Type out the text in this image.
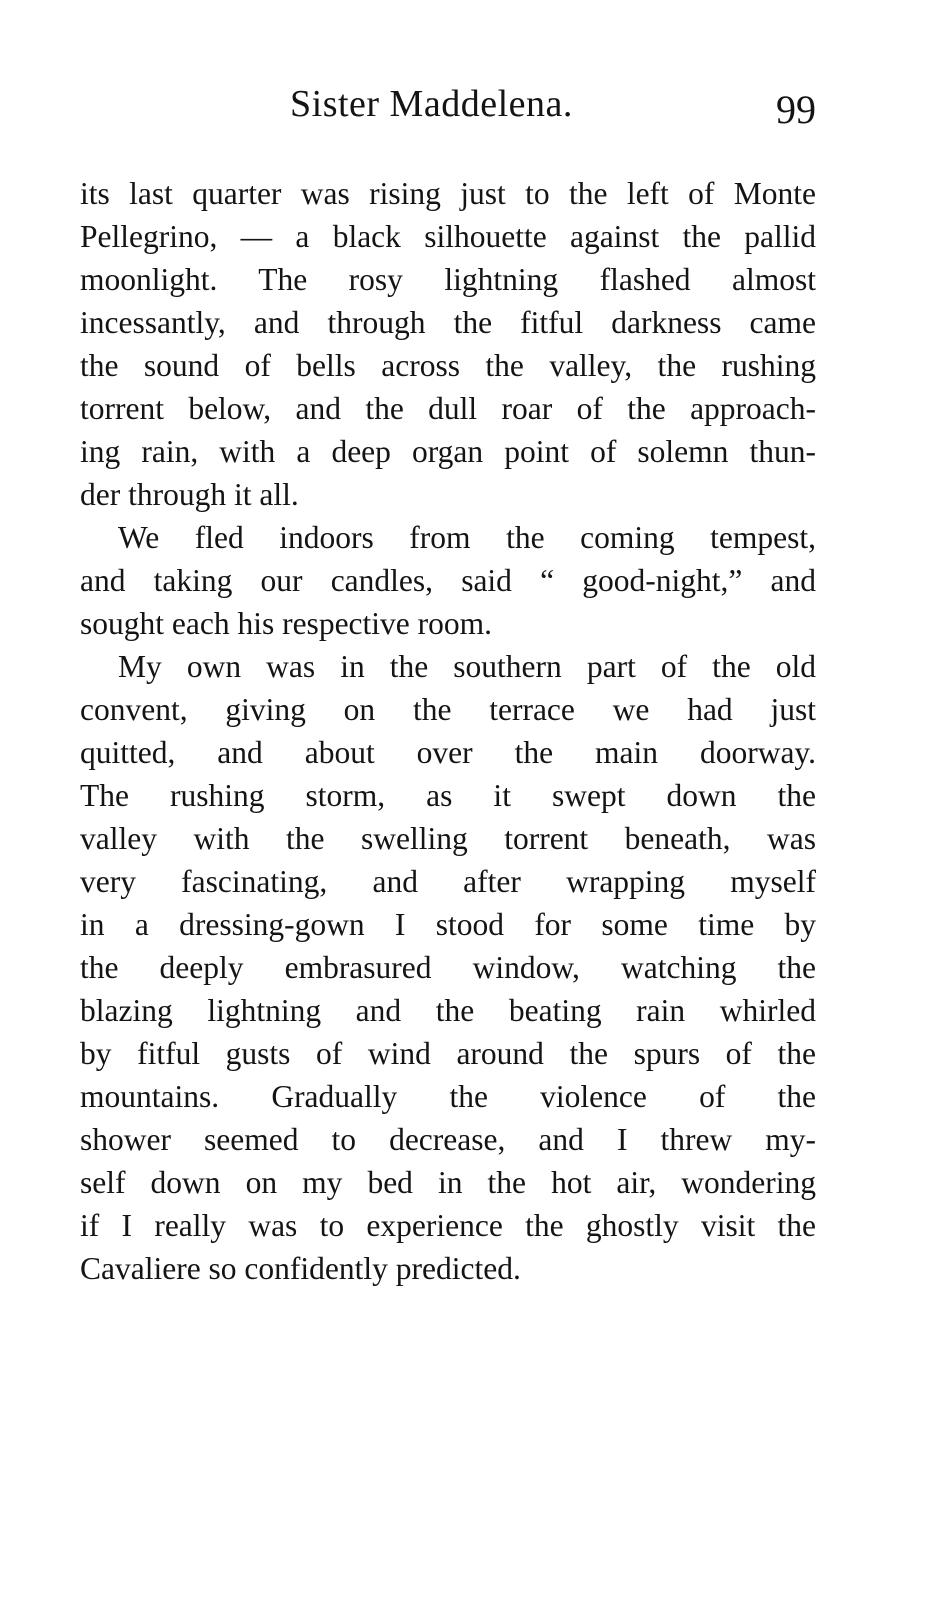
Sister Maddelena.	99
its last quarter was rising just to the left of Monte
Pellegrino, — a black silhouette against the pallid
moonlight. The rosy lightning flashed almost
incessantly, and through the fitful darkness came
the sound of bells across the valley, the rushing
torrent below, and the dull roar of the approach-
ing rain, with a deep organ point of solemn thun-
der through it all.
We fled indoors from the coming tempest,
and taking our candles, said “ good-night,” and
sought each his respective room.
My own was in the southern part of the old
convent, giving on the terrace we had just
quitted, and about over the main doorway.
The rushing storm, as it swept down the
valley with the swelling torrent beneath, was
very fascinating, and after wrapping myself
in a dressing-gown I stood for some time by
the deeply embrasured window, watching the
blazing lightning and the beating rain whirled
by fitful gusts of wind around the spurs of the
mountains. Gradually the violence of the
shower seemed to decrease, and I threw my-
self down on my bed in the hot air, wondering
if I really was to experience the ghostly visit the
Cavaliere so confidently predicted.
